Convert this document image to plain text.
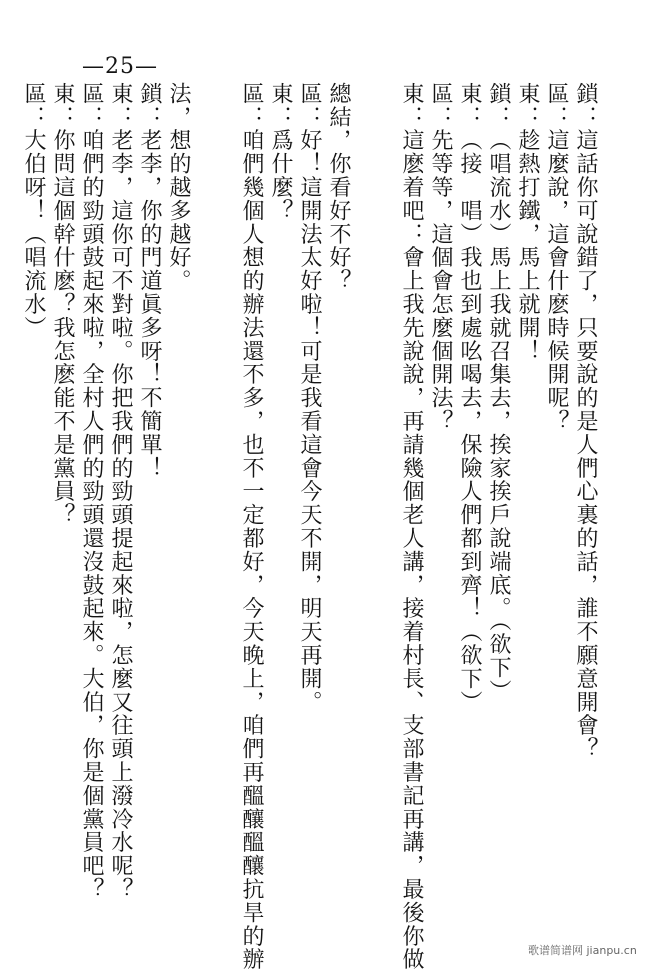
—25—
鎖：這話你可說錯了，只要說的是人們心裏的話，誰不願意開會？
區：這麼說，這會什麽時候開呢？
東：趁熱打鐵，馬上就開！
鎖：（唱流水）馬上我就召集去，挨家挨戶說端底。（欲下）
東：（接　唱）我也到處吆喝去，保險人們都到齊！（欲下）
區：先等等，這個會怎麼個開法？
東：這麽着吧：會上我先說說，再請幾個老人講，接着村長、支部書記再講，最後你做
總結，你看好不好？
區：好！這開法太好啦！可是我看這會今天不開，明天再開。
東：爲什麼？
區：咱們幾個人想的辦法還不多，也不一定都好，今天晚上，咱們再醞釀醞釀抗旱的辦
法，想的越多越好。
鎖：老李，你的門道眞多呀！不簡單！
東：老李，這你可不對啦。你把我們的勁頭提起來啦，怎麼又往頭上潑冷水呢？
區：咱們的勁頭鼓起來啦，全村人們的勁頭還沒鼓起來。大伯，你是個黨員吧？
東：你問這個幹什麽？我怎麽能不是黨員？
區：大伯呀！（唱流水）
歌谱简谱网 jianpu.cn
